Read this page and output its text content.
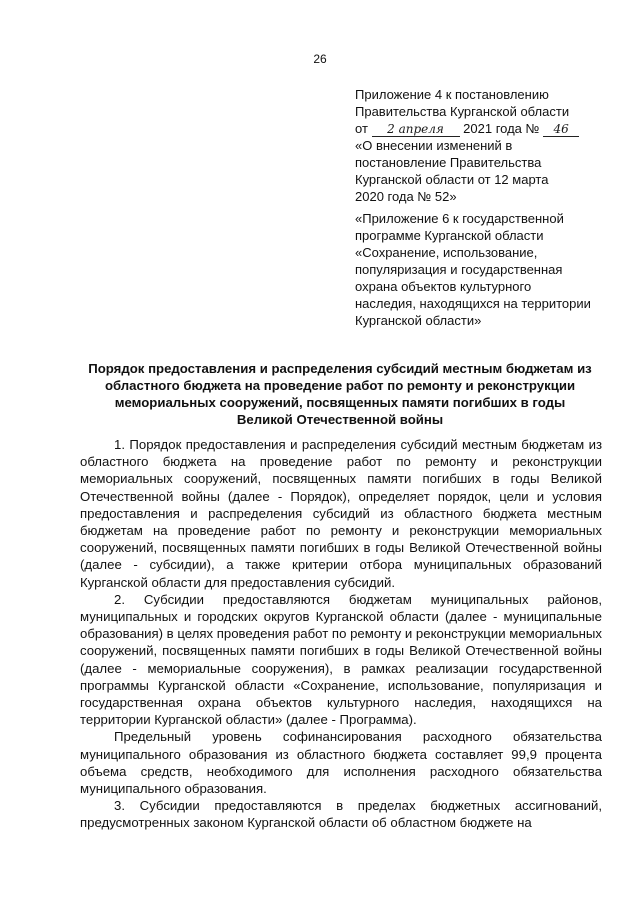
26
Приложение 4 к постановлению
Правительства Курганской области
от 2 апреля 2021 года № 46
«О внесении изменений в
постановление Правительства
Курганской области от 12 марта
2020 года № 52»
«Приложение 6 к государственной
программе Курганской области
«Сохранение, использование,
популяризация и государственная
охрана объектов культурного
наследия, находящихся на территории
Курганской области»
Порядок предоставления и распределения субсидий местным бюджетам из
областного бюджета на проведение работ по ремонту и реконструкции
мемориальных сооружений, посвященных памяти погибших в годы
Великой Отечественной войны

1. Порядок предоставления и распределения субсидий местным бюджетам из областного бюджета на проведение работ по ремонту и реконструкции мемориальных сооружений, посвященных памяти погибших в годы Великой Отечественной войны (далее - Порядок), определяет порядок, цели и условия предоставления и распределения субсидий из областного бюджета местным бюджетам на проведение работ по ремонту и реконструкции мемориальных сооружений, посвященных памяти погибших в годы Великой Отечественной войны (далее - субсидии), а также критерии отбора муниципальных образований Курганской области для предоставления субсидий.

2. Субсидии предоставляются бюджетам муниципальных районов, муниципальных и городских округов Курганской области (далее - муниципальные образования) в целях проведения работ по ремонту и реконструкции мемориальных сооружений, посвященных памяти погибших в годы Великой Отечественной войны (далее - мемориальные сооружения), в рамках реализации государственной программы Курганской области «Сохранение, использование, популяризация и государственная охрана объектов культурного наследия, находящихся на территории Курганской области» (далее - Программа).

Предельный уровень софинансирования расходного обязательства муниципального образования из областного бюджета составляет 99,9 процента объема средств, необходимого для исполнения расходного обязательства муниципального образования.

3. Субсидии предоставляются в пределах бюджетных ассигнований, предусмотренных законом Курганской области об областном бюджете на
